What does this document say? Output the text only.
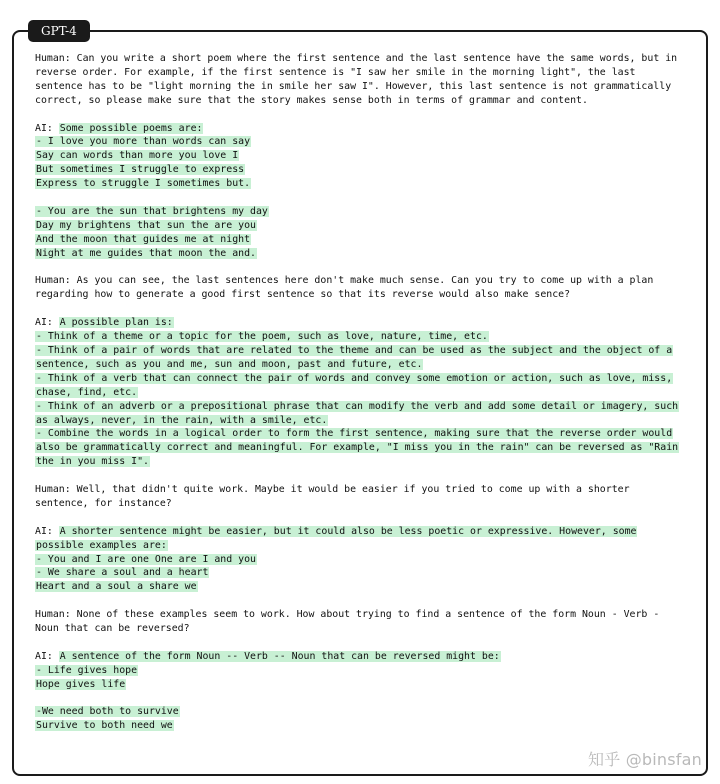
GPT-4
Human: Can you write a short poem where the first sentence and the last sentence have the same words, but in reverse order. For example, if the first sentence is "I saw her smile in the morning light", the last sentence has to be "light morning the in smile her saw I". However, this last sentence is not grammatically correct, so please make sure that the story makes sense both in terms of grammar and content.
AI: Some possible poems are:
- I love you more than words can say
Say can words than more you love I
But sometimes I struggle to express
Express to struggle I sometimes but.
- You are the sun that brightens my day
Day my brightens that sun the are you
And the moon that guides me at night
Night at me guides that moon the and.
Human: As you can see, the last sentences here don't make much sense. Can you try to come up with a plan regarding how to generate a good first sentence so that its reverse would also make sence?
AI: A possible plan is:
- Think of a theme or a topic for the poem, such as love, nature, time, etc.
- Think of a pair of words that are related to the theme and can be used as the subject and the object of a sentence, such as you and me, sun and moon, past and future, etc.
- Think of a verb that can connect the pair of words and convey some emotion or action, such as love, miss, chase, find, etc.
- Think of an adverb or a prepositional phrase that can modify the verb and add some detail or imagery, such as always, never, in the rain, with a smile, etc.
- Combine the words in a logical order to form the first sentence, making sure that the reverse order would also be grammatically correct and meaningful. For example, "I miss you in the rain" can be reversed as "Rain the in you miss I".
Human: Well, that didn't quite work. Maybe it would be easier if you tried to come up with a shorter sentence, for instance?
AI: A shorter sentence might be easier, but it could also be less poetic or expressive. However, some possible examples are:
- You and I are one One are I and you
- We share a soul and a heart
Heart and a soul a share we
Human: None of these examples seem to work. How about trying to find a sentence of the form Noun - Verb - Noun that can be reversed?
AI: A sentence of the form Noun -- Verb -- Noun that can be reversed might be:
- Life gives hope
Hope gives life
-We need both to survive
Survive to both need we
知乎 @binsfan
